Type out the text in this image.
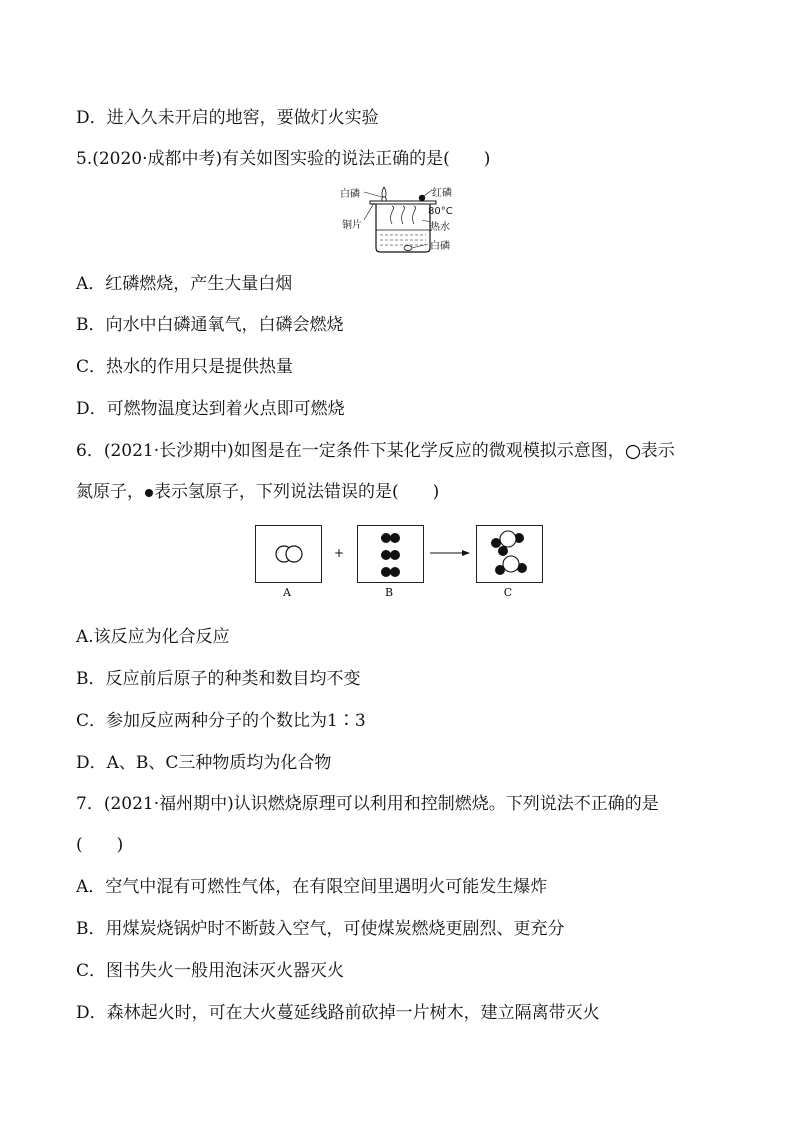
D．进入久未开启的地窖，要做灯火实验
5.(2020·成都中考)有关如图实验的说法正确的是(　　)
白磷	红磷
铜片
80°C
热水
白磷
A．红磷燃烧，产生大量白烟
B．向水中白磷通氧气，白磷会燃烧
C．热水的作用只是提供热量
D．可燃物温度达到着火点即可燃烧
6．(2021·长沙期中)如图是在一定条件下某化学反应的微观模拟示意图， 表示
氮原子， 表示氢原子，下列说法错误的是(　　)
+
A	B	C
A.该反应为化合反应
B．反应前后原子的种类和数目均不变
C．参加反应两种分子的个数比为1∶3
D．A、B、C三种物质均为化合物
7．(2021·福州期中)认识燃烧原理可以利用和控制燃烧。下列说法不正确的是
(　　)
A．空气中混有可燃性气体，在有限空间里遇明火可能发生爆炸
B．用煤炭烧锅炉时不断鼓入空气，可使煤炭燃烧更剧烈、更充分
C．图书失火一般用泡沫灭火器灭火
D．森林起火时，可在大火蔓延线路前砍掉一片树木，建立隔离带灭火
